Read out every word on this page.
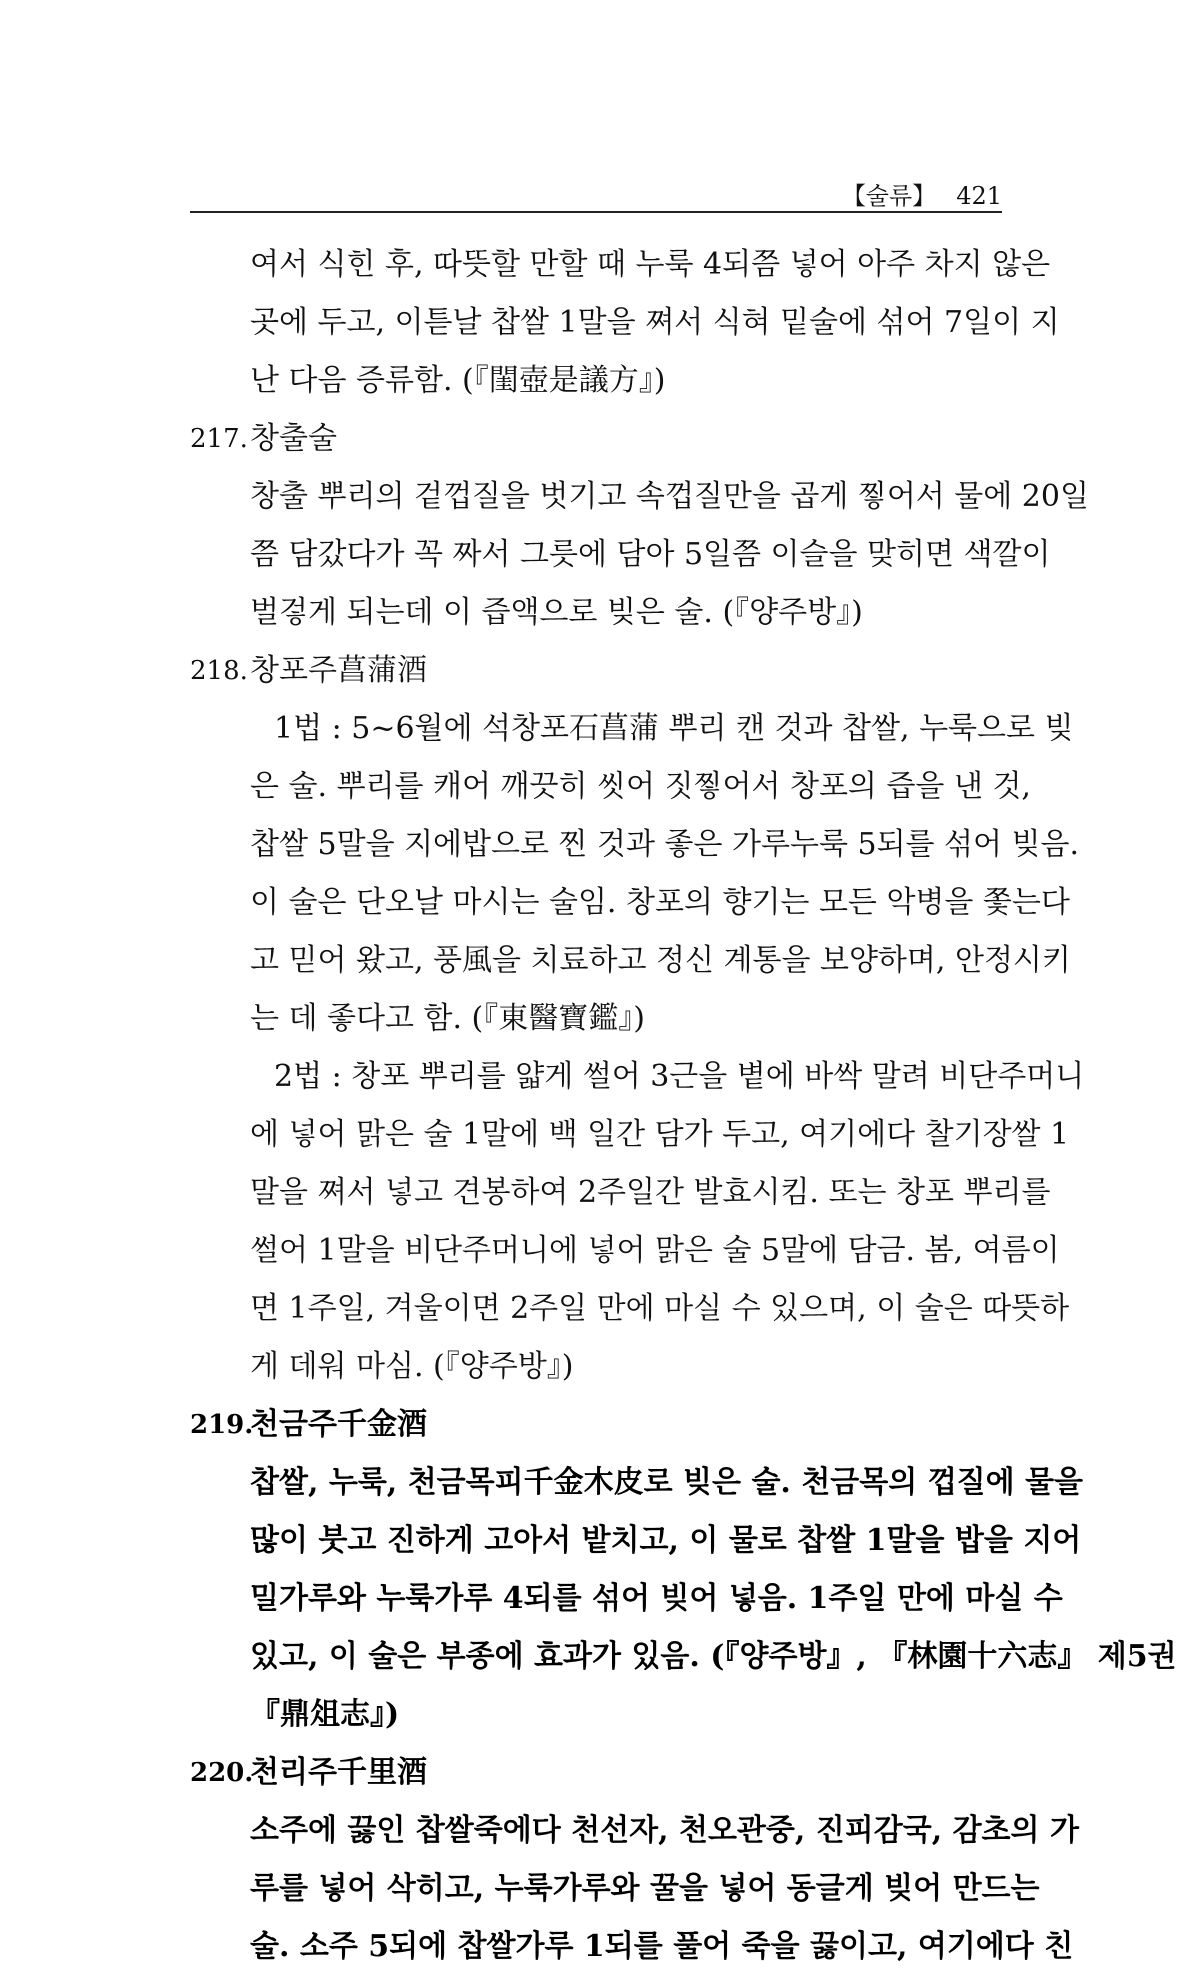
【술류】 421
여서 식힌 후, 따뜻할 만할 때 누룩 4되쯤 넣어 아주 차지 않은
곳에 두고, 이튿날 찹쌀 1말을 쪄서 식혀 밑술에 섞어 7일이 지
난 다음 증류함. (『閨壺是議方』)
217. 창출술
창출 뿌리의 겉껍질을 벗기고 속껍질만을 곱게 찧어서 물에 20일
쯤 담갔다가 꼭 짜서 그릇에 담아 5일쯤 이슬을 맞히면 색깔이
벌겋게 되는데 이 즙액으로 빚은 술. (『양주방』)
218. 창포주菖蒲酒
1법 : 5~6월에 석창포石菖蒲 뿌리 캔 것과 찹쌀, 누룩으로 빚
은 술. 뿌리를 캐어 깨끗히 씻어 짓찧어서 창포의 즙을 낸 것,
찹쌀 5말을 지에밥으로 찐 것과 좋은 가루누룩 5되를 섞어 빚음.
이 술은 단오날 마시는 술임. 창포의 향기는 모든 악병을 쫓는다
고 믿어 왔고, 풍風을 치료하고 정신 계통을 보양하며, 안정시키
는 데 좋다고 함. (『東醫寶鑑』)
2법 : 창포 뿌리를 얇게 썰어 3근을 볕에 바싹 말려 비단주머니
에 넣어 맑은 술 1말에 백 일간 담가 두고, 여기에다 찰기장쌀 1
말을 쪄서 넣고 견봉하여 2주일간 발효시킴. 또는 창포 뿌리를
썰어 1말을 비단주머니에 넣어 맑은 술 5말에 담금. 봄, 여름이
면 1주일, 겨울이면 2주일 만에 마실 수 있으며, 이 술은 따뜻하
게 데워 마심. (『양주방』)
219.
천금주千金酒
찹쌀, 누룩, 천금목피千金木皮로 빚은 술. 천금목의 껍질에 물을
많이 붓고 진하게 고아서 밭치고, 이 물로 찹쌀 1말을 밥을 지어
밀가루와 누룩가루 4되를 섞어 빚어 넣음. 1주일 만에 마실 수
있고, 이 술은 부종에 효과가 있음. (『양주방』, 『林園十六志』 제5권
『鼎俎志』)
220.
천리주千里酒
소주에 끓인 찹쌀죽에다 천선자, 천오관중, 진피감국, 감초의 가
루를 넣어 삭히고, 누룩가루와 꿀을 넣어 동글게 빚어 만드는
술. 소주 5되에 찹쌀가루 1되를 풀어 죽을 끓이고, 여기에다 친
